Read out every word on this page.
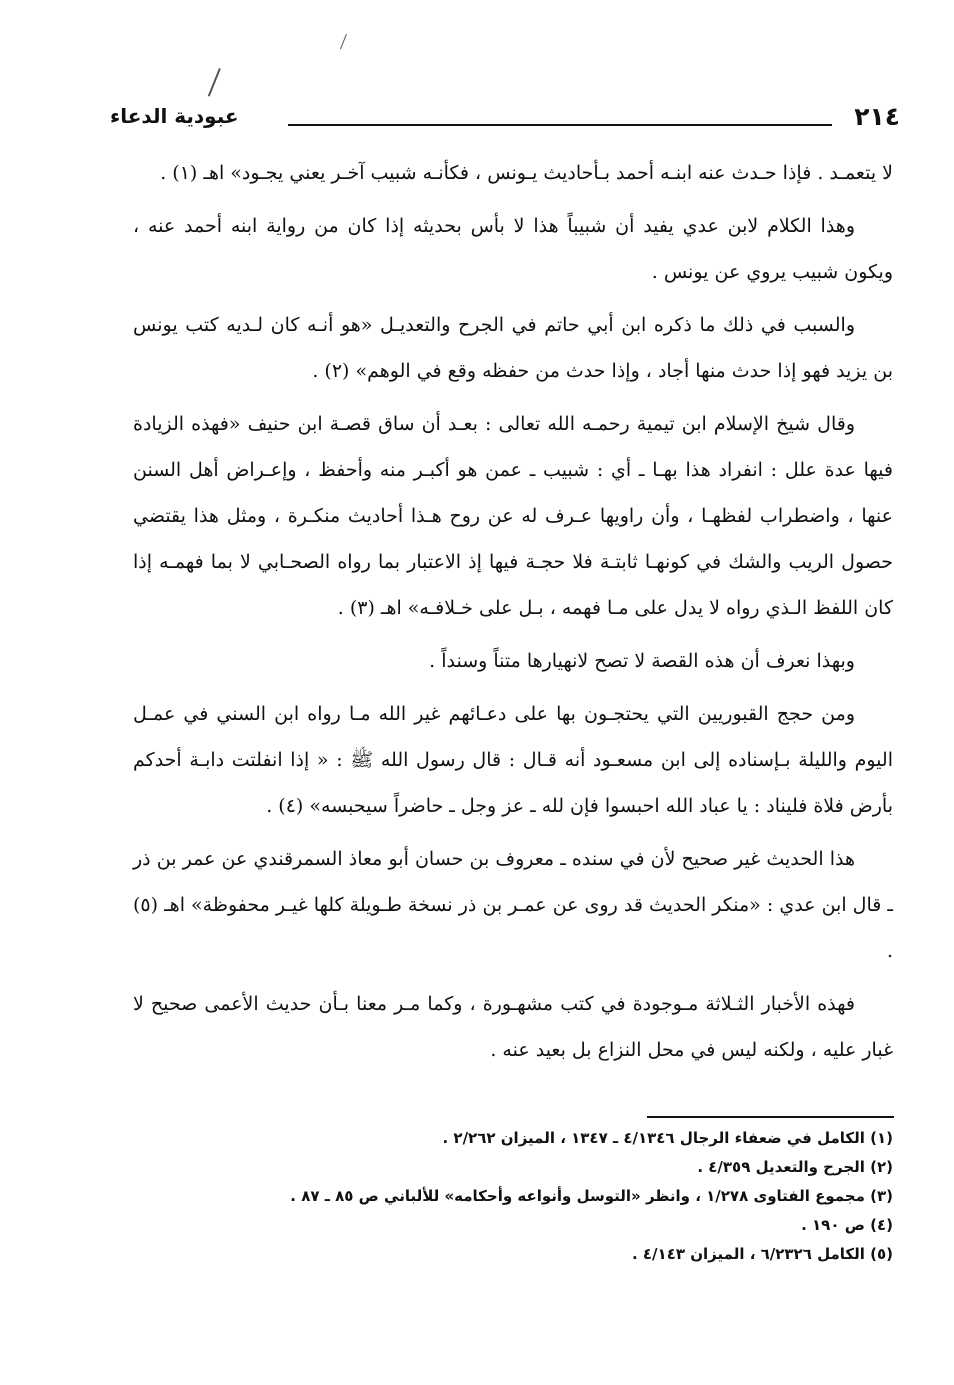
٢١٤
عبودية الدعاء

لا يتعمـد . فإذا حـدث عنه ابنـه أحمد بـأحاديث يـونس ، فكأنـه شبيب آخـر يعني يجـود» اهـ (١) .

وهذا الكلام لابن عدي يفيد أن شبيباً هذا لا بأس بحديثه إذا كان من رواية ابنه أحمد عنه ، ويكون شبيب يروي عن يونس .

والسبب في ذلك ما ذكره ابن أبي حاتم في الجرح والتعديـل «هو أنـه كان لـديه كتب يونس بن يزيد فهو إذا حدث منها أجاد ، وإذا حدث من حفظه وقع في الوهم» (٢) .

وقال شيخ الإسلام ابن تيمية رحمـه الله تعالى : بعـد أن ساق قصـة ابن حنيف «فهذه الزيادة فيها عدة علل : انفراد هذا بهـا ـ أي : شبيب ـ عمن هو أكبـر منه وأحفظ ، وإعـراض أهل السنن عنها ، واضطراب لفظهـا ، وأن راويها عـرف له عن روح هـذا أحاديث منكـرة ، ومثل هذا يقتضي حصول الريب والشك في كونهـا ثابتـة فلا حجـة فيها إذ الاعتبار بما رواه الصحـابي لا بما فهمـه إذا كان اللفظ الـذي رواه لا يدل على مـا فهمه ، بـل على خـلافـه» اهـ (٣) .

وبهذا نعرف أن هذه القصة لا تصح لانهيارها متناً وسنداً .

ومن حجج القبوريين التي يحتجـون بها على دعـائهم غير الله مـا رواه ابن السني في عمـل اليوم والليلة بـإسناده إلى ابن مسعـود أنه قـال : قال رسول الله ﷺ : « إذا انفلتت دابـة أحدكم بأرض فلاة فليناد : يا عباد الله احبسوا فإن لله ـ عز وجل ـ حاضراً سيحبسه» (٤) .

هذا الحديث غير صحيح لأن في سنده ـ معروف بن حسان أبو معاذ السمرقندي عن عمر بن ذر ـ قال ابن عدي : «منكر الحديث قد روى عن عمـر بن ذر نسخة طـويلة كلها غيـر محفوظة» اهـ (٥) .

فهذه الأخبار الثـلاثة مـوجودة في كتب مشهـورة ، وكما مـر معنا بـأن حديث الأعمى صحيح لا غبار عليه ، ولكنه ليس في محل النزاع بل بعيد عنه .

(١) الكامل في ضعفاء الرجال ٤/١٣٤٦ ـ ١٣٤٧ ، الميزان ٢/٢٦٢ .

(٢) الجرح والتعديل ٤/٣٥٩ .

(٣) مجموع الفتاوى ١/٢٧٨ ، وانظر «التوسل وأنواعه وأحكامه» للألباني ص ٨٥ ـ ٨٧ .

(٤) ص ١٩٠ .

(٥) الكامل ٦/٢٣٢٦ ، الميزان ٤/١٤٣ .
